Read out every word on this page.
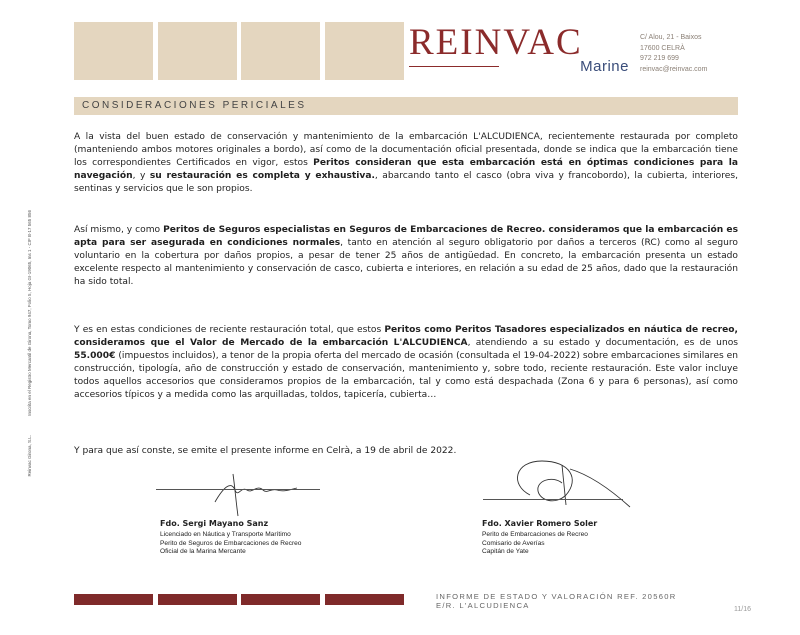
REINVAC
Marine
C/ Alou, 21 - Baixos
17600 CELRÀ
972 219 699
reinvac@reinvac.com
CONSIDERACIONES PERICIALES
Reinvac Girona, S.L.
Inscrita en el Registro Mercantil de Girona, Tomo 947, Folio 5, Hoja GI-19065, Ins 1 - CIF B-17 565 856
A la vista del buen estado de conservación y mantenimiento de la embarcación L'ALCUDIENCA, recientemente restaurada por completo (manteniendo ambos motores originales a bordo), así como de la documentación oficial presentada, donde se indica que la embarcación tiene los correspondientes Certificados en vigor, estos Peritos consideran que esta embarcación está en óptimas condiciones para la navegación, y su restauración es completa y exhaustiva., abarcando tanto el casco (obra viva y francobordo), la cubierta, interiores, sentinas y servicios que le son propios.
Así mismo, y como Peritos de Seguros especialistas en Seguros de Embarcaciones de Recreo. consideramos que la embarcación es apta para ser asegurada en condiciones normales, tanto en atención al seguro obligatorio por daños a terceros (RC) como al seguro voluntario en la cobertura por daños propios, a pesar de tener 25 años de antigüedad. En concreto, la embarcación presenta un estado excelente respecto al mantenimiento y conservación de casco, cubierta e interiores, en relación a su edad de 25 años, dado que la restauración ha sido total.
Y es en estas condiciones de reciente restauración total, que estos Peritos como Peritos Tasadores especializados en náutica de recreo, consideramos que el Valor de Mercado de la embarcación L'ALCUDIENCA, atendiendo a su estado y documentación, es de unos 55.000€ (impuestos incluidos), a tenor de la propia oferta del mercado de ocasión (consultada el 19-04-2022) sobre embarcaciones similares en construcción, tipología, año de construcción y estado de conservación, mantenimiento y, sobre todo, reciente restauración. Este valor incluye todos aquellos accesorios que consideramos propios de la embarcación, tal y como está despachada (Zona 6 y para 6 personas), así como accesorios típicos y a medida como las arquilladas, toldos, tapicería, cubierta…
Y para que así conste, se emite el presente informe en Celrà, a 19 de abril de 2022.
Fdo. Sergi Mayano Sanz
Licenciado en Náutica y Transporte Marítimo
Perito de Seguros de Embarcaciones de Recreo
Oficial de la Marina Mercante
Fdo. Xavier Romero Soler
Perito de Embarcaciones de Recreo
Comisario de Averías
Capitán de Yate
INFORME DE ESTADO Y VALORACIÓN REF. 20560R
E/R. L'ALCUDIENCA	11/16
